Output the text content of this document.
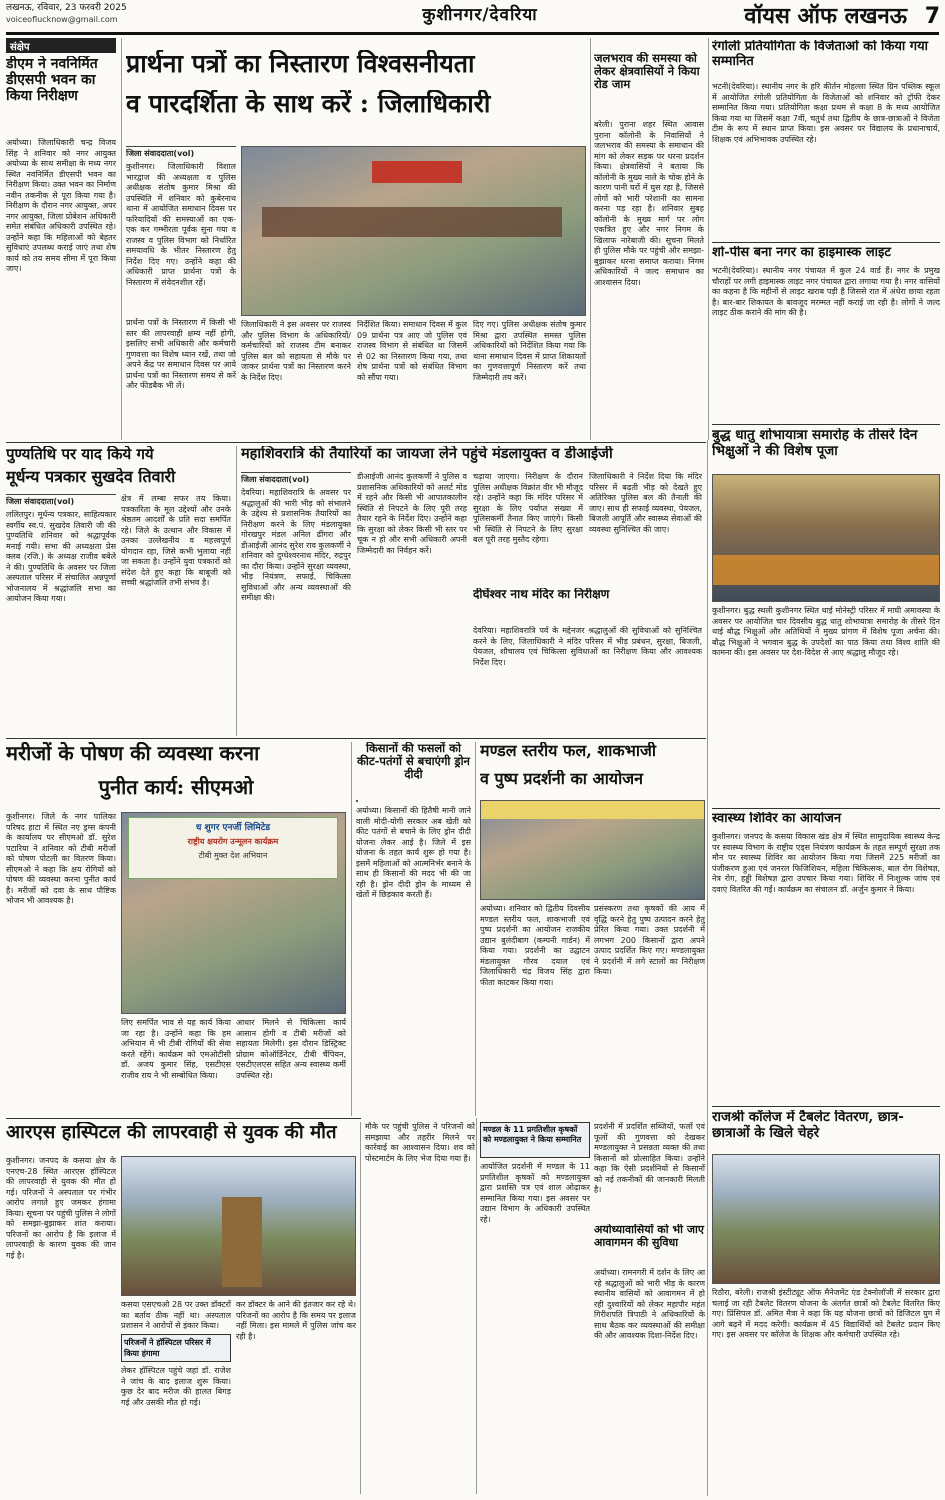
लखनऊ, रविवार, 23 फरवरी 2025
voiceoflucknow@gmail.com	कुशीनगर/देवरिया	वॉयस ऑफ लखनऊ 7
संक्षेप
डीएम ने नवनिर्मित डीएसपी भवन का किया निरीक्षण
अयोध्या। जिलाधिकारी चन्द्र विजय सिंह ने शनिवार को नगर आयुक्त अयोध्या के साथ समीक्षा के मध्य नगर स्थित नवनिर्मित डीएसपी भवन का निरीक्षण किया। उक्त भवन का निर्माण नवीन तकनीक से पूरा किया गया है। निरीक्षण के दौरान नगर आयुक्त, अपर नगर आयुक्त, जिला प्रोबेशन अधिकारी समेत संबंधित अधिकारी उपस्थित रहे। उन्होंने कहा कि महिलाओं को बेहतर सुविधाएं उपलब्ध कराई जाएं तथा शेष कार्य को तय समय सीमा में पूरा किया जाए।
प्रार्थना पत्रों का निस्तारण विश्वसनीयता
व पारदर्शिता के साथ करें : जिलाधिकारी
जिला संवाददाता(vol)
कुशीनगर। जिलाधिकारी विशाल भारद्वाज की अध्यक्षता व पुलिस अधीक्षक संतोष कुमार मिश्रा की उपस्थिति में शनिवार को कुबेरनाथ थाना में आयोजित समाधान दिवस पर फरियादियों की समस्याओं का एक-एक कर गम्भीरता पूर्वक सुना गया व राजस्व व पुलिस विभाग को निर्धारित समयावधि के भीतर निस्तारण हेतु निर्देश दिए गए। उन्होंने कहा की अधिकारी प्राप्त प्रार्थना पत्रों के निस्तारण में संवेदनशील रहें।
प्रार्थना पत्रों के निस्तारण में किसी भी स्तर की लापरवाही क्षम्य नहीं होगी, इसलिए सभी अधिकारी और कर्मचारी गुणवत्ता का विशेष ध्यान रखें, तथा जो अपने केंद्र पर समाधान दिवस पर आये प्रार्थना पत्रों का निस्तारण समय से करें और फीडबैक भी लें।
जिलाधिकारी ने इस अवसर पर राजस्व और पुलिस विभाग के अधिकारियों/कर्मचारियों को राजस्व टीम बनाकर पुलिस बल को सहायता से मौके पर जाकर प्रार्थना पत्रों का निस्तारण करने के निर्देश दिए।
निर्देशित किया। समाधान दिवस में कुल 09 प्रार्थना पत्र आए जो पुलिस एवं राजस्व विभाग से संबंधित था जिसमें से 02 का निस्तारण किया गया, तथा शेष प्रार्थना पत्रों को संबंधित विभाग को सौंपा गया।
दिए गए। पुलिस अधीक्षक संतोष कुमार मिश्रा द्वारा उपस्थित समस्त पुलिस अधिकारियों को निर्देशित किया गया कि थाना समाधान दिवस में प्राप्त शिकायतों का गुणवत्तापूर्ण निस्तारण करें तथा जिम्मेदारी तय करें।
जलभराव की समस्या को लेकर क्षेत्रवासियों ने किया रोड जाम
बरेली। पुराना शहर स्थित आवास पुराना कॉलोनी के निवासियों ने जलभराव की समस्या के समाधान की मांग को लेकर सड़क पर धरना प्रदर्शन किया। क्षेत्रवासियों ने बताया कि कॉलोनी के मुख्य नाले के चोक होने के कारण पानी घरों में घुस रहा है, जिससे लोगों को भारी परेशानी का सामना करना पड़ रहा है। शनिवार सुबह कॉलोनी के मुख्य मार्ग पर लोग एकत्रित हुए और नगर निगम के खिलाफ नारेबाजी की। सूचना मिलते ही पुलिस मौके पर पहुंची और समझा-बुझाकर धरना समाप्त कराया। निगम अधिकारियों ने जल्द समाधान का आश्वासन दिया।
रंगोली प्रतियोगिता के विजेताओं को किया गया सम्मानित
भटनी(देवरिया)। स्थानीय नगर के हरि कीर्तन मोहल्ला स्थित ग्रिन पब्लिक स्कूल में आयोजित रंगोली प्रतियोगिता के विजेताओं को शनिवार को ट्रॉफी देकर सम्मानित किया गया। प्रतियोगिता कक्षा प्रथम से कक्षा 8 के मध्य आयोजित किया गया था जिसमें कक्षा 7वीं, चतुर्थ तथा द्वितीय के छात्र-छात्राओं ने विजेता टीम के रूप में स्थान प्राप्त किया। इस अवसर पर विद्यालय के प्रधानाचार्य, शिक्षक एवं अभिभावक उपस्थित रहे।
शो-पीस बना नगर का हाइमास्क लाइट
भटनी(देवरिया)। स्थानीय नगर पंचायत में कुल 24 वार्ड हैं। नगर के प्रमुख चौराहों पर लगी हाइमास्क लाइट नगर पंचायत द्वारा लगाया गया है। नगर वासियों का कहना है कि महीनों से लाइट खराब पड़ी है जिससे रात में अंधेरा छाया रहता है। बार-बार शिकायत के बावजूद मरम्मत नहीं कराई जा रही है। लोगों ने जल्द लाइट ठीक कराने की मांग की है।
बुद्ध धातु शोभायात्रा समारोह के तीसरे दिन भिक्षुओं ने की विशेष पूजा
कुशीनगर। बुद्ध स्थली कुशीनगर स्थित थाई मोनेस्ट्री परिसर में माघी अमावस्या के अवसर पर आयोजित चार दिवसीय बुद्ध धातु शोभायात्रा समारोह के तीसरे दिन थाई बौद्ध भिक्षुओं और अतिथियों ने मुख्य प्रांगण में विशेष पूजा अर्चना की। बौद्ध भिक्षुओं ने भगवान बुद्ध के उपदेशों का पाठ किया तथा विश्व शांति की कामना की। इस अवसर पर देश-विदेश से आए श्रद्धालु मौजूद रहे।
स्वास्थ्य शिविर का आयोजन
कुशीनगर। जनपद के कसया विकास खंड क्षेत्र में स्थित सामुदायिक स्वास्थ्य केन्द्र पर स्वास्थ्य विभाग के राष्ट्रीय एड्स नियंत्रण कार्यक्रम के तहत सम्पूर्ण सुरक्षा तक मौन पर स्वास्थ्य शिविर का आयोजन किया गया जिसमें 225 मरीजों का पंजीकरण हुआ एवं जनरल फिजिशियन, महिला चिकित्सक, बाल रोग विशेषज्ञ, नेत्र रोग, हड्डी विशेषज्ञ द्वारा उपचार किया गया। शिविर में निःशुल्क जांच एवं दवाएं वितरित की गईं। कार्यक्रम का संचालन डॉ. अर्जुन कुमार ने किया।
राजश्री कॉलेज में टैबलेट वितरण, छात्र-छात्राओं के खिले चेहरे
रिठौरा, बरेली। राजश्री इंस्टीट्यूट ऑफ मैनेजमेंट एंड टेक्नोलॉजी में सरकार द्वारा चलाई जा रही टैबलेट वितरण योजना के अंतर्गत छात्रों को टैबलेट वितरित किए गए। प्रिंसिपल डॉ. अमित मैत्रा ने कहा कि यह योजना छात्रों को डिजिटल युग में आगे बढ़ने में मदद करेगी। कार्यक्रम में 45 विद्यार्थियों को टैबलेट प्रदान किए गए। इस अवसर पर कॉलेज के शिक्षक और कर्मचारी उपस्थित रहे।
पुण्यतिथि पर याद किये गये
मूर्धन्य पत्रकार सुखदेव तिवारी
जिला संवाददाता(vol)
ललितपुर। मूर्धन्य पत्रकार, साहित्यकार स्वर्गीय स्व.पं. सुखदेव तिवारी जी की पुण्यतिथि शनिवार को श्रद्धापूर्वक मनाई गयी। सभा की अध्यक्षता प्रेस क्लब (रजि.) के अध्यक्ष राजीव बबेले ने की। पुण्यतिथि के अवसर पर जिला अस्पताल परिसर में संचालित अन्नपूर्णा भोजनालय में श्रद्धांजलि सभा का आयोजन किया गया।
क्षेत्र में लम्बा सफर तय किया। पत्रकारिता के मूल उद्देश्यों और उनके श्रेष्ठतम आदर्शों के प्रति सदा समर्पित रहे। जिले के उत्थान और विकास में उनका उल्लेखनीय व महत्त्वपूर्ण योगदान रहा, जिसे कभी भुलाया नहीं जा सकता है। उन्होंने युवा पत्रकारों को संदेश देते हुए कहा कि बाबूजी को सच्ची श्रद्धांजलि तभी संभव है।
महाशिवरात्रि की तैयारियों का जायजा लेने पहुंचे मंडलायुक्त व डीआईजी
जिला संवाददाता(vol)
देवरिया। महाशिवरात्रि के अवसर पर श्रद्धालुओं की भारी भीड़ को संभालने के उद्देश्य से प्रशासनिक तैयारियों का निरीक्षण करने के लिए मंडलायुक्त गोरखपुर मंडल अनिल ढींगरा और डीआईजी आनंद सुरेश राव कुलकर्णी ने शनिवार को दुग्धेश्वरनाथ मंदिर, रुद्रपुर का दौरा किया। उन्होंने सुरक्षा व्यवस्था, भीड़ नियंत्रण, सफाई, चिकित्सा सुविधाओं और अन्य व्यवस्थाओं की समीक्षा की।
डीआईजी आनंद कुलकर्णी ने पुलिस व प्रशासनिक अधिकारियों को अलर्ट मोड में रहने और किसी भी आपातकालीन स्थिति से निपटने के लिए पूरी तरह तैयार रहने के निर्देश दिए। उन्होंने कहा कि सुरक्षा को लेकर किसी भी स्तर पर चूक न हो और सभी अधिकारी अपनी जिम्मेदारी का निर्वहन करें।
चढ़ाया जाएगा। निरीक्षण के दौरान पुलिस अधीक्षक विक्रांत वीर भी मौजूद रहे। उन्होंने कहा कि मंदिर परिसर में सुरक्षा के लिए पर्याप्त संख्या में पुलिसकर्मी तैनात किए जाएंगे। किसी भी स्थिति से निपटने के लिए सुरक्षा बल पूरी तरह मुस्तैद रहेगा।
जिलाधिकारी ने निर्देश दिया कि मंदिर परिसर में बढ़ती भीड़ को देखते हुए अतिरिक्त पुलिस बल की तैनाती की जाए। साथ ही सफाई व्यवस्था, पेयजल, बिजली आपूर्ति और स्वास्थ्य सेवाओं की व्यवस्था सुनिश्चित की जाए।
दीर्घेश्वर नाथ मंदिर का निरीक्षण
देवरिया। महाशिवरात्रि पर्व के मद्देनजर श्रद्धालुओं की सुविधाओं को सुनिश्चित करने के लिए, जिलाधिकारी ने मंदिर परिसर में भीड़ प्रबंधन, सुरक्षा, बिजली, पेयजल, शौचालय एवं चिकित्सा सुविधाओं का निरीक्षण किया और आवश्यक निर्देश दिए।
मरीजों के पोषण की व्यवस्था करना
पुनीत कार्य: सीएमओ
कुशीनगर। जिले के नगर पालिका परिषद हाटा में स्थित नए ड्रग्स कंपनी के कार्यालय पर सीएमओ डॉ. सुरेश पटारिया ने शनिवार को टीबी मरीजों को पोषण पोटली का वितरण किया। सीएमओ ने कहा कि क्षय रोगियों को पोषण की व्यवस्था करना पुनीत कार्य है। मरीजों को दवा के साथ पौष्टिक भोजन भी आवश्यक है।
ध शुगर एनर्जी लिमिटेड
राष्ट्रीय क्षयरोग उन्मूलन कार्यक्रम
टीबी मुक्त देश अभियान
लिए समर्पित भाव से यह कार्य किया जा रहा है। उन्होंने कहा कि हम अभियान में भी टीबी रोगियों की सेवा करते रहेंगे। कार्यक्रम को एमओटीसी डॉ. अजय कुमार सिंह, एसटीएस राजीव राय ने भी सम्बोधित किया।
आधार मिलने से चिकित्सा कार्य आसान होगी व टीबी मरीजों को सहायता मिलेगी। इस दौरान डिस्ट्रिक्ट प्रोग्राम कोऑर्डिनेटर, टीबी चैंपियन, एसटीएलएस सहित अन्य स्वास्थ्य कर्मी उपस्थित रहे।
किसानों की फसलों को कीट-पतंगों से बचाएंगी ड्रोन दीदी
अयोध्या। किसानों की हितैषी मानी जाने वाली मोदी-योगी सरकार अब खेती को कीट पतंगों से बचाने के लिए ड्रोन दीदी योजना लेकर आई है। जिले में इस योजना के तहत कार्य शुरू हो गया है। इसमें महिलाओं को आत्मनिर्भर बनाने के साथ ही किसानों की मदद भी की जा रही है। ड्रोन दीदी ड्रोन के माध्यम से खेतों में छिड़काव करती हैं।
मण्डल स्तरीय फल, शाकभाजी
व पुष्प प्रदर्शनी का आयोजन
अयोध्या। शनिवार को द्वितीय दिवसीय मण्डल स्तरीय फल, शाकभाजी एवं पुष्प प्रदर्शनी का आयोजन राजकीय उद्यान बुलंदीबाग (कम्पनी गार्डन) में किया गया। प्रदर्शनी का उद्घाटन मंडलायुक्त गौरव दयाल एवं जिलाधिकारी चंद्र विजय सिंह द्वारा फीता काटकर किया गया।
प्रसंस्करण तथा कृषकों की आय में वृद्धि करने हेतु पुष्प उत्पादन करने हेतु प्रेरित किया गया। उक्त प्रदर्शनी में लगभग 200 किसानों द्वारा अपने उत्पाद प्रदर्शित किए गए। मण्डलायुक्त ने प्रदर्शनी में लगे स्टालों का निरीक्षण किया।
आरएस हास्पिटल की लापरवाही से युवक की मौत
कुशीनगर। जनपद के कसया क्षेत्र के एनएच-28 स्थित आरएस हॉस्पिटल की लापरवाही से युवक की मौत हो गई। परिजनों ने अस्पताल पर गंभीर आरोप लगाते हुए जमकर हंगामा किया। सूचना पर पहुंची पुलिस ने लोगों को समझा-बुझाकर शांत कराया। परिजनों का आरोप है कि इलाज में लापरवाही के कारण युवक की जान गई है।
कसया एसएचओ 28 पर उक्त डॉक्टरों का बर्ताव ठीक नहीं था। अस्पताल प्रशासन ने आरोपों से इंकार किया।
परिजनों ने हॉस्पिटल परिसर में किया हंगामा
लेकर हॉस्पिटल पहुंचे जहां डॉ. राजेश ने जांच के बाद इलाज शुरू किया। कुछ देर बाद मरीज की हालत बिगड़ गई और उसकी मौत हो गई।
कर डॉक्टर के आने की इंतजार कर रहे थे। परिजनों का आरोप है कि समय पर इलाज नहीं मिला। इस मामले में पुलिस जांच कर रही है।
मौके पर पहुंची पुलिस ने परिजनों को समझाया और तहरीर मिलने पर कार्रवाई का आश्वासन दिया। शव को पोस्टमार्टम के लिए भेज दिया गया है।
मण्डल के 11 प्रगतिशील कृषकों को मण्डलायुक्त ने किया सम्मानित
आयोजित प्रदर्शनी में मण्डल के 11 प्रगतिशील कृषकों को मण्डलायुक्त द्वारा प्रशस्ति पत्र एवं शाल ओढ़ाकर सम्मानित किया गया। इस अवसर पर उद्यान विभाग के अधिकारी उपस्थित रहे।
प्रदर्शनी में प्रदर्शित सब्जियों, फलों एवं फूलों की गुणवत्ता को देखकर मण्डलायुक्त ने प्रसन्नता व्यक्त की तथा किसानों को प्रोत्साहित किया। उन्होंने कहा कि ऐसी प्रदर्शनियों से किसानों को नई तकनीकों की जानकारी मिलती है।
अयोध्यावासियों को भी जाए आवागमन की सुविधा
अयोध्या। रामनगरी में दर्शन के लिए आ रहे श्रद्धालुओं को भारी भीड़ के कारण स्थानीय वासियों को आवागमन में हो रही दुश्वारियों को लेकर महापौर महंत गिरीशपति त्रिपाठी ने अधिकारियों के साथ बैठक कर व्यवस्थाओं की समीक्षा की और आवश्यक दिशा-निर्देश दिए।
